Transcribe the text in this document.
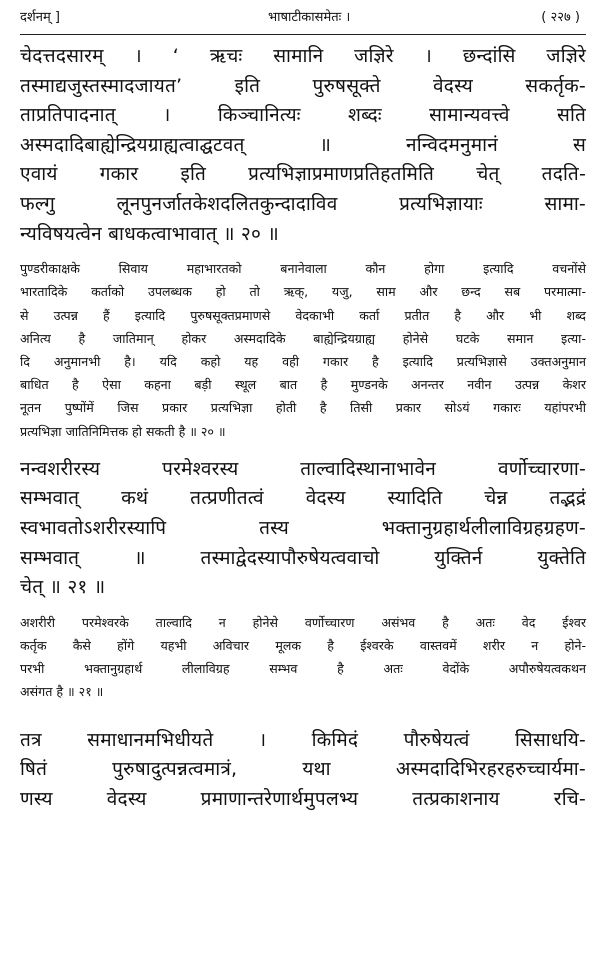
दर्शनम् ]	भाषाटीकासमेतः ।	( २२७ )
चेदत्तदसारम् । ‘ ऋचः सामानि जज्ञिरे । छन्दांसि जज्ञिरे
तस्माद्यजुस्तस्मादजायत’ इति पुरुषसूक्ते वेदस्य सकर्तृक-
ताप्रतिपादनात् । किञ्चानित्यः शब्दः सामान्यवत्त्वे सति
अस्मदादिबाह्येन्द्रियग्राह्यत्वाद्घटवत् ॥ नन्विदमनुमानं स
एवायं गकार इति प्रत्यभिज्ञाप्रमाणप्रतिहतमिति चेत् तदति-
फल्गु लूनपुनर्जातकेशदलितकुन्दादाविव प्रत्यभिज्ञायाः सामा-
न्यविषयत्वेन बाधकत्वाभावात् ॥ २० ॥
पुण्डरीकाक्षके सिवाय महाभारतको बनानेवाला कौन होगा इत्यादि वचनोंसे
भारतादिके कर्ताको उपलब्धक हो तो ऋक्, यजु, साम और छन्द सब परमात्मा-
से उत्पन्न हैं इत्यादि पुरुषसूक्तप्रमाणसे वेदकाभी कर्ता प्रतीत है और भी शब्द
अनित्य है जातिमान् होकर अस्मदादिके बाह्येन्द्रियग्राह्य होनेसे घटके समान इत्या-
दि अनुमानभी है। यदि कहो यह वही गकार है इत्यादि प्रत्यभिज्ञासे उक्तअनुमान
बाधित है ऐसा कहना बड़ी स्थूल बात है मुण्डनके अनन्तर नवीन उत्पन्न केशर
नूतन पुष्पोंमें जिस प्रकार प्रत्यभिज्ञा होती है तिसी प्रकार सोऽयं गकारः यहांपरभी
प्रत्यभिज्ञा जातिनिमित्तक हो सकती है ॥ २० ॥
नन्वशरीरस्य परमेश्वरस्य ताल्वादिस्थानाभावेन वर्णोच्चारणा-
सम्भवात् कथं तत्प्रणीतत्वं वेदस्य स्यादिति चेन्न तद्भद्रं
स्वभावतोऽशरीरस्यापि तस्य भक्तानुग्रहार्थलीलाविग्रहग्रहण-
सम्भवात् ॥ तस्माद्वेदस्यापौरुषेयत्ववाचो युक्तिर्न युक्तेति
चेत् ॥ २१ ॥
अशरीरी परमेश्वरके ताल्वादि न होनेसे वर्णोच्चारण असंभव है अतः वेद ईश्वर
कर्तृक कैसे होंगे यहभी अविचार मूलक है ईश्वरके वास्तवमें शरीर न होने-
परभी भक्तानुग्रहार्थ लीलाविग्रह सम्भव है अतः वेदोंके अपौरुषेयत्वकथन
असंगत है ॥ २१ ॥
तत्र समाधानमभिधीयते । किमिदं पौरुषेयत्वं सिसाधयि-
षितं पुरुषादुत्पन्नत्वमात्रं, यथा अस्मदादिभिरहरहरुच्चार्यमा-
णस्य वेदस्य प्रमाणान्तरेणार्थमुपलभ्य तत्प्रकाशनाय रचि-
